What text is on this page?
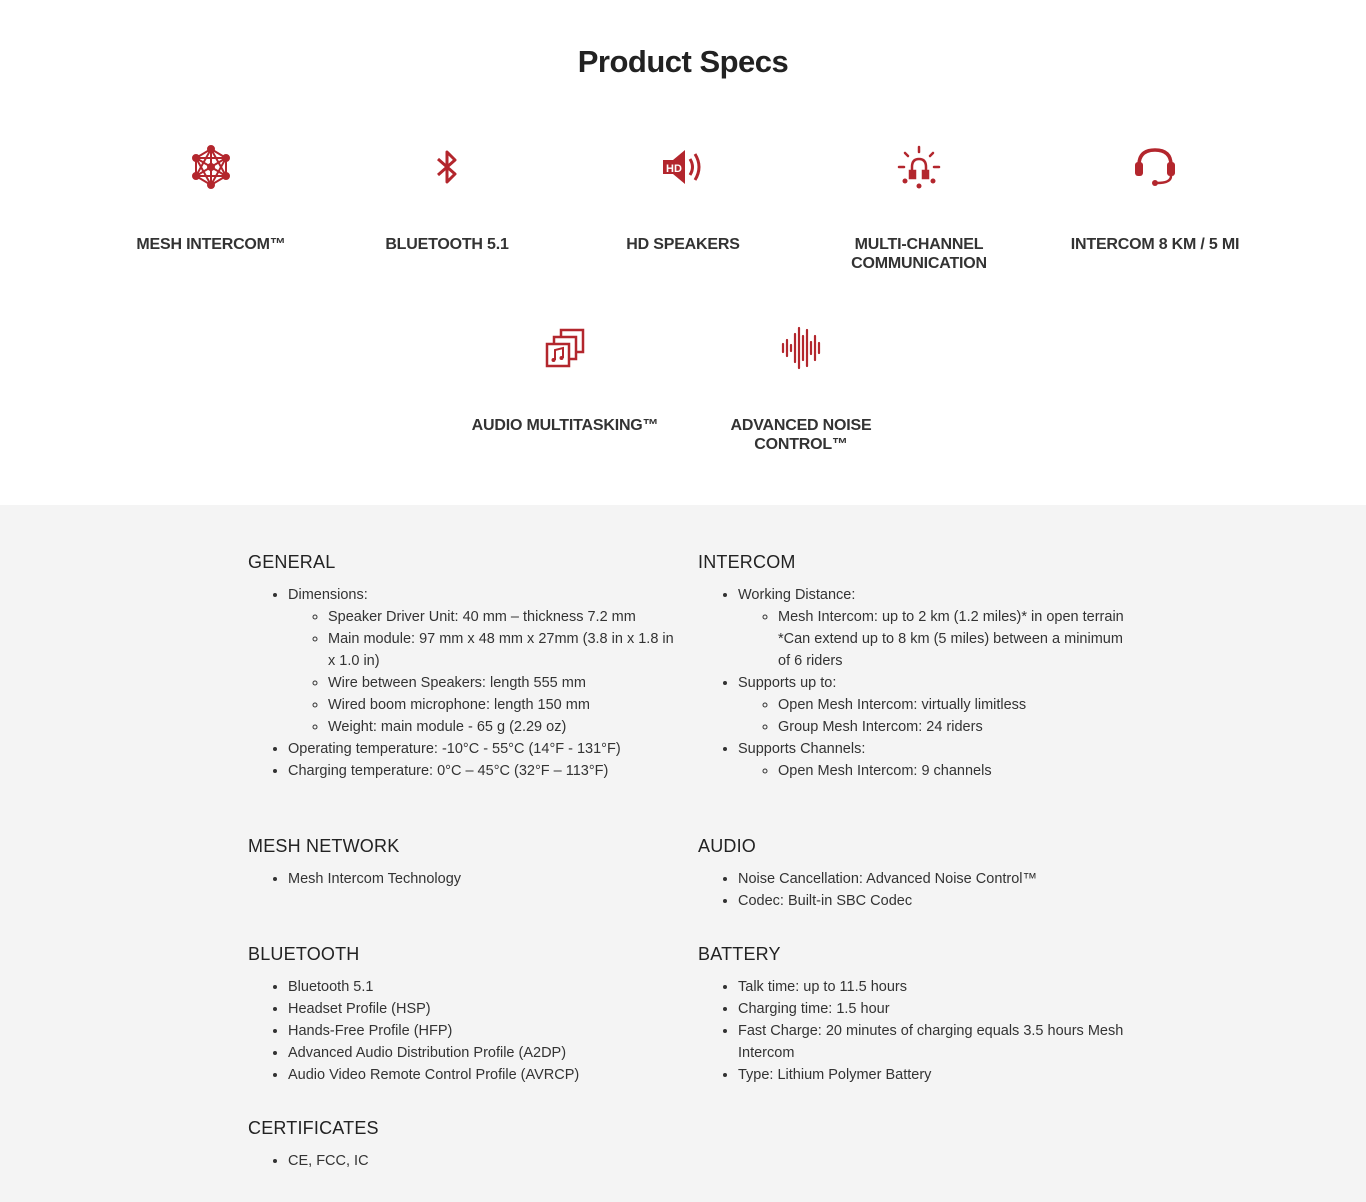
Product Specs
MESH INTERCOM™	BLUETOOTH 5.1
HD
HD SPEAKERS	MULTI-CHANNEL COMMUNICATION
INTERCOM 8 KM / 5 MI
AUDIO MULTITASKING™	ADVANCED NOISE CONTROL™
GENERAL
• Dimensions:
◦ Speaker Driver Unit: 40 mm – thickness 7.2 mm
◦ Main module: 97 mm x 48 mm x 27mm (3.8 in x 1.8 in x 1.0 in)
◦ Wire between Speakers: length 555 mm
◦ Wired boom microphone: length 150 mm
◦ Weight: main module - 65 g (2.29 oz)
• Operating temperature: -10°C - 55°C (14°F - 131°F)
• Charging temperature: 0°C – 45°C (32°F – 113°F)
MESH NETWORK
• Mesh Intercom Technology
BLUETOOTH
• Bluetooth 5.1
• Headset Profile (HSP)
• Hands-Free Profile (HFP)
• Advanced Audio Distribution Profile (A2DP)
• Audio Video Remote Control Profile (AVRCP)
CERTIFICATES
• CE, FCC, IC
INTERCOM
• Working Distance:
◦ Mesh Intercom: up to 2 km (1.2 miles)* in open terrain
*Can extend up to 8 km (5 miles) between a minimum of 6 riders
• Supports up to:
◦ Open Mesh Intercom: virtually limitless
◦ Group Mesh Intercom: 24 riders
• Supports Channels:
◦ Open Mesh Intercom: 9 channels
AUDIO
• Noise Cancellation: Advanced Noise Control™
• Codec: Built-in SBC Codec
BATTERY
• Talk time: up to 11.5 hours
• Charging time: 1.5 hour
• Fast Charge: 20 minutes of charging equals 3.5 hours Mesh Intercom
• Type: Lithium Polymer Battery
